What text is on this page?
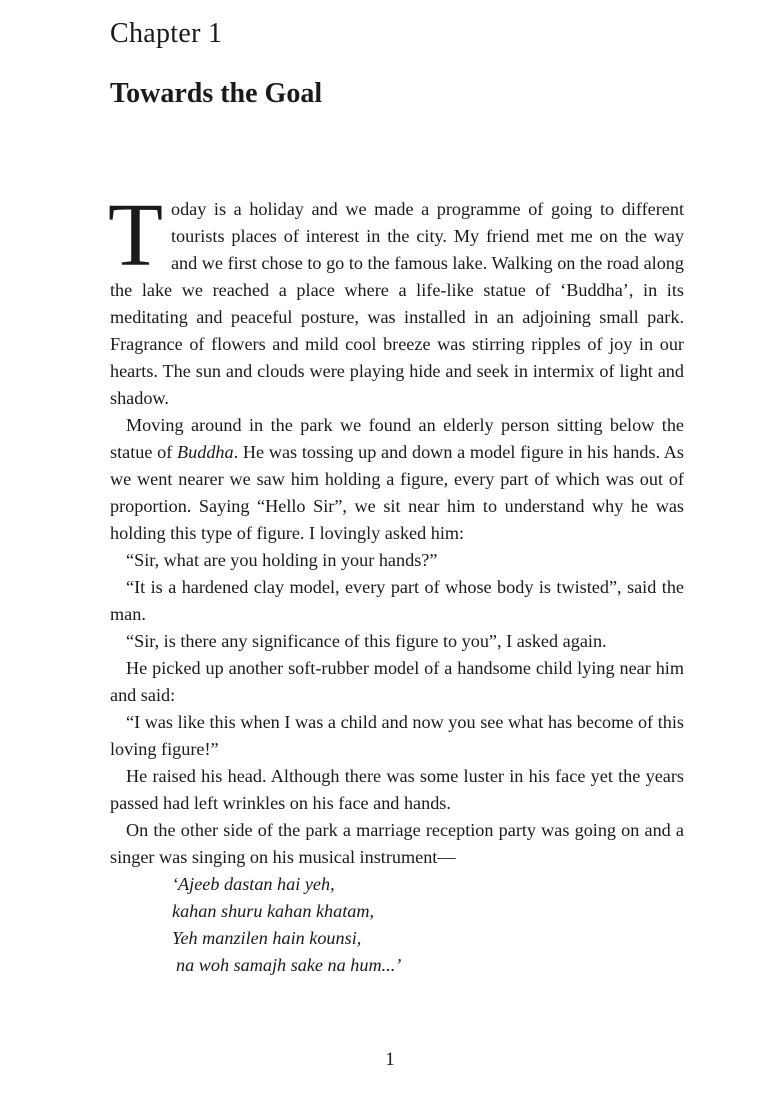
Chapter 1
Towards the Goal

Today is a holiday and we made a programme of going to different tourists places of interest in the city. My friend met me on the way and we first chose to go to the famous lake. Walking on the road along the lake we reached a place where a life-like statue of ‘Buddha’, in its meditating and peaceful posture, was installed in an adjoining small park. Fragrance of flowers and mild cool breeze was stirring ripples of joy in our hearts. The sun and clouds were playing hide and seek in intermix of light and shadow.

Moving around in the park we found an elderly person sitting below the statue of Buddha. He was tossing up and down a model figure in his hands. As we went nearer we saw him holding a figure, every part of which was out of proportion. Saying “Hello Sir”, we sit near him to understand why he was holding this type of figure. I lovingly asked him:

“Sir, what are you holding in your hands?”

“It is a hardened clay model, every part of whose body is twisted”, said the man.

“Sir, is there any significance of this figure to you”, I asked again.

He picked up another soft-rubber model of a handsome child lying near him and said:

“I was like this when I was a child and now you see what has become of this loving figure!”

He raised his head. Although there was some luster in his face yet the years passed had left wrinkles on his face and hands.

On the other side of the park a marriage reception party was going on and a singer was singing on his musical instrument—

‘Ajeeb dastan hai yeh,
kahan shuru kahan khatam,
Yeh manzilen hain kounsi,
na woh samajh sake na hum...’
1
